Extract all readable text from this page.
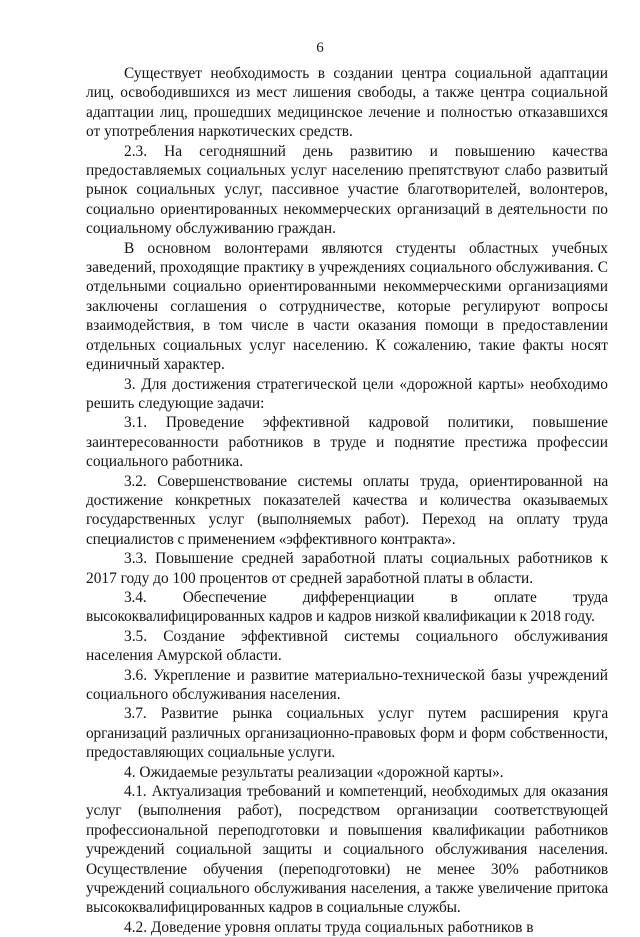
6

Существует необходимость в создании центра социальной адаптации лиц, освободившихся из мест лишения свободы, а также центра социальной адаптации лиц, прошедших медицинское лечение и полностью отказавшихся от употребления наркотических средств.

2.3. На сегодняшний день развитию и повышению качества предоставляемых социальных услуг населению препятствуют слабо развитый рынок социальных услуг, пассивное участие благотворителей, волонтеров, социально ориентированных некоммерческих организаций в деятельности по социальному обслуживанию граждан.

В основном волонтерами являются студенты областных учебных заведений, проходящие практику в учреждениях социального обслуживания. С отдельными социально ориентированными некоммерческими организациями заключены соглашения о сотрудничестве, которые регулируют вопросы взаимодействия, в том числе в части оказания помощи в предоставлении отдельных социальных услуг населению. К сожалению, такие факты носят единичный характер.

3. Для достижения стратегической цели «дорожной карты» необходимо решить следующие задачи:

3.1. Проведение эффективной кадровой политики, повышение заинтересованности работников в труде и поднятие престижа профессии социального работника.

3.2. Совершенствование системы оплаты труда, ориентированной на достижение конкретных показателей качества и количества оказываемых государственных услуг (выполняемых работ). Переход на оплату труда специалистов с применением «эффективного контракта».

3.3. Повышение средней заработной платы социальных работников к 2017 году до 100 процентов от средней заработной платы в области.

3.4. Обеспечение дифференциации в оплате труда высококвалифицированных кадров и кадров низкой квалификации к 2018 году.

3.5. Создание эффективной системы социального обслуживания населения Амурской области.

3.6. Укрепление и развитие материально-технической базы учреждений социального обслуживания населения.

3.7. Развитие рынка социальных услуг путем расширения круга организаций различных организационно-правовых форм и форм собственности, предоставляющих социальные услуги.

4. Ожидаемые результаты реализации «дорожной карты».

4.1. Актуализация требований и компетенций, необходимых для оказания услуг (выполнения работ), посредством организации соответствующей профессиональной переподготовки и повышения квалификации работников учреждений социальной защиты и социального обслуживания населения. Осуществление обучения (переподготовки) не менее 30% работников учреждений социального обслуживания населения, а также увеличение притока высококвалифицированных кадров в социальные службы.

4.2. Доведение уровня оплаты труда социальных работников в
